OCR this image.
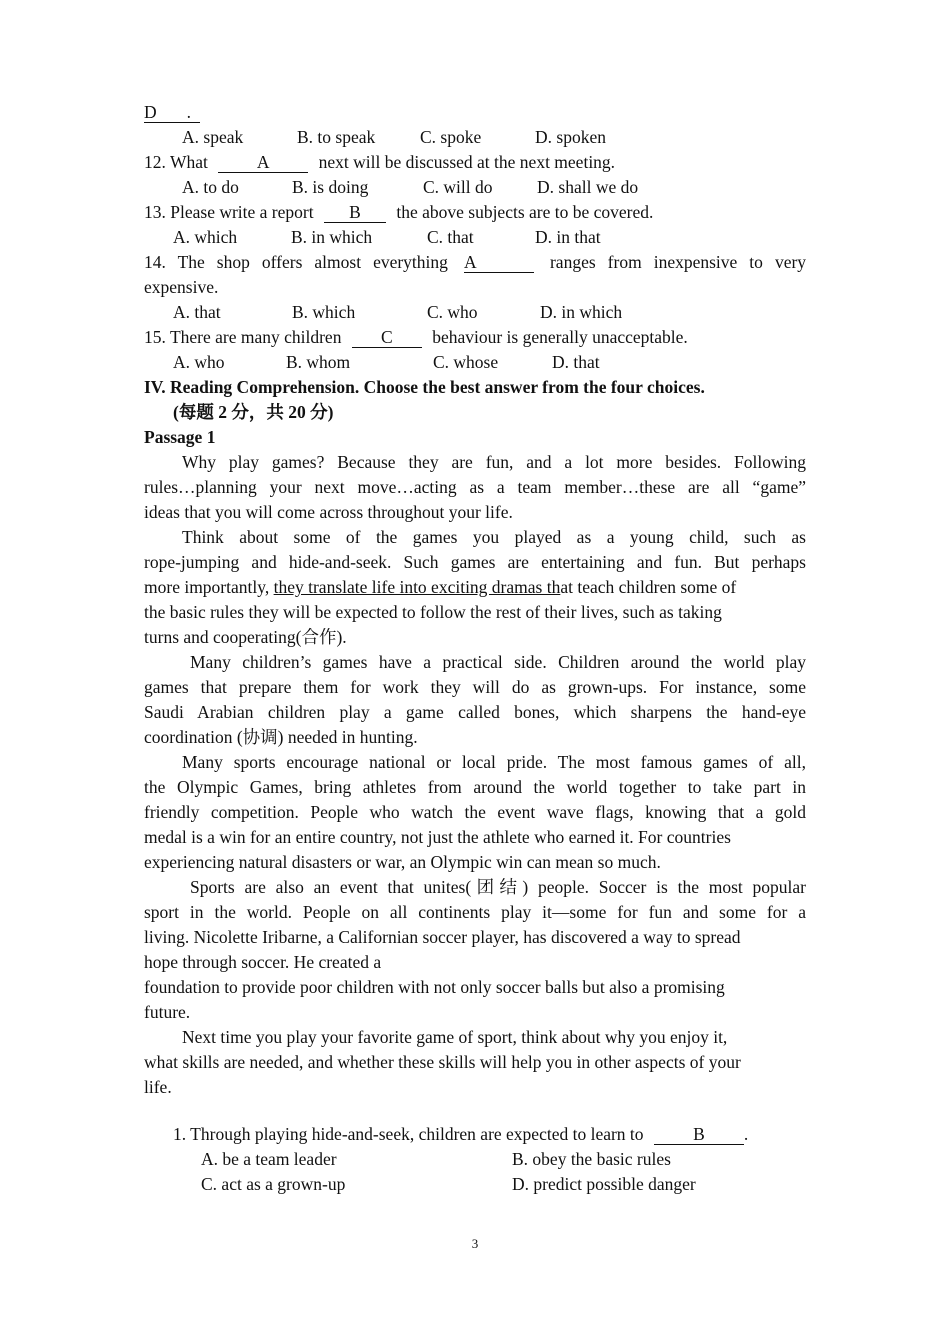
D .
A. speak	B. to speak	C. spoke	D. spoken
12. What	A	next will be discussed at the next meeting.
A. to do	B. is doing	C. will do	D. shall we do
13. Please write a report B the above subjects are to be covered.
A. which	B. in which	C. that	D. in that
14. The shop offers almost everything A	ranges from inexpensive to very
expensive.
A. that	B. which	C. who	D. in which
15. There are many children C behaviour is generally unacceptable.
A. who	B. whom	C. whose	D. that
IV. Reading Comprehension. Choose the best answer from the four choices.
(每题 2 分，共 20 分)
Passage 1
Why play games? Because they are fun, and a lot more besides. Following
rules…planning your next move…acting as a team member…these are all “game”
ideas that you will come across throughout your life.
Think about some of the games you played as a young child, such as
rope-jumping and hide-and-seek. Such games are entertaining and fun. But perhaps
more importantly, they translate life into exciting dramas that teach children some of
the basic rules they will be expected to follow the rest of their lives, such as taking
turns and cooperating(合作).
Many children’s games have a practical side. Children around the world play
games that prepare them for work they will do as grown-ups. For instance, some
Saudi Arabian children play a game called bones, which sharpens the hand-eye
coordination (协调) needed in hunting.
Many sports encourage national or local pride. The most famous games of all,
the Olympic Games, bring athletes from around the world together to take part in
friendly competition. People who watch the event wave flags, knowing that a gold
medal is a win for an entire country, not just the athlete who earned it. For countries
experiencing natural disasters or war, an Olympic win can mean so much.
Sports are also an event that unites(团结) people. Soccer is the most popular
sport in the world. People on all continents play it—some for fun and some for a
living. Nicolette Iribarne, a Californian soccer player, has discovered a way to spread
hope through soccer. He created a
foundation to provide poor children with not only soccer balls but also a promising
future.
Next time you play your favorite game of sport, think about why you enjoy it,
what skills are needed, and whether these skills will help you in other aspects of your
life.
1. Through playing hide-and-seek, children are expected to learn to	B .
A. be a team leader	B. obey the basic rules
C. act as a grown-up	D. predict possible danger
3
